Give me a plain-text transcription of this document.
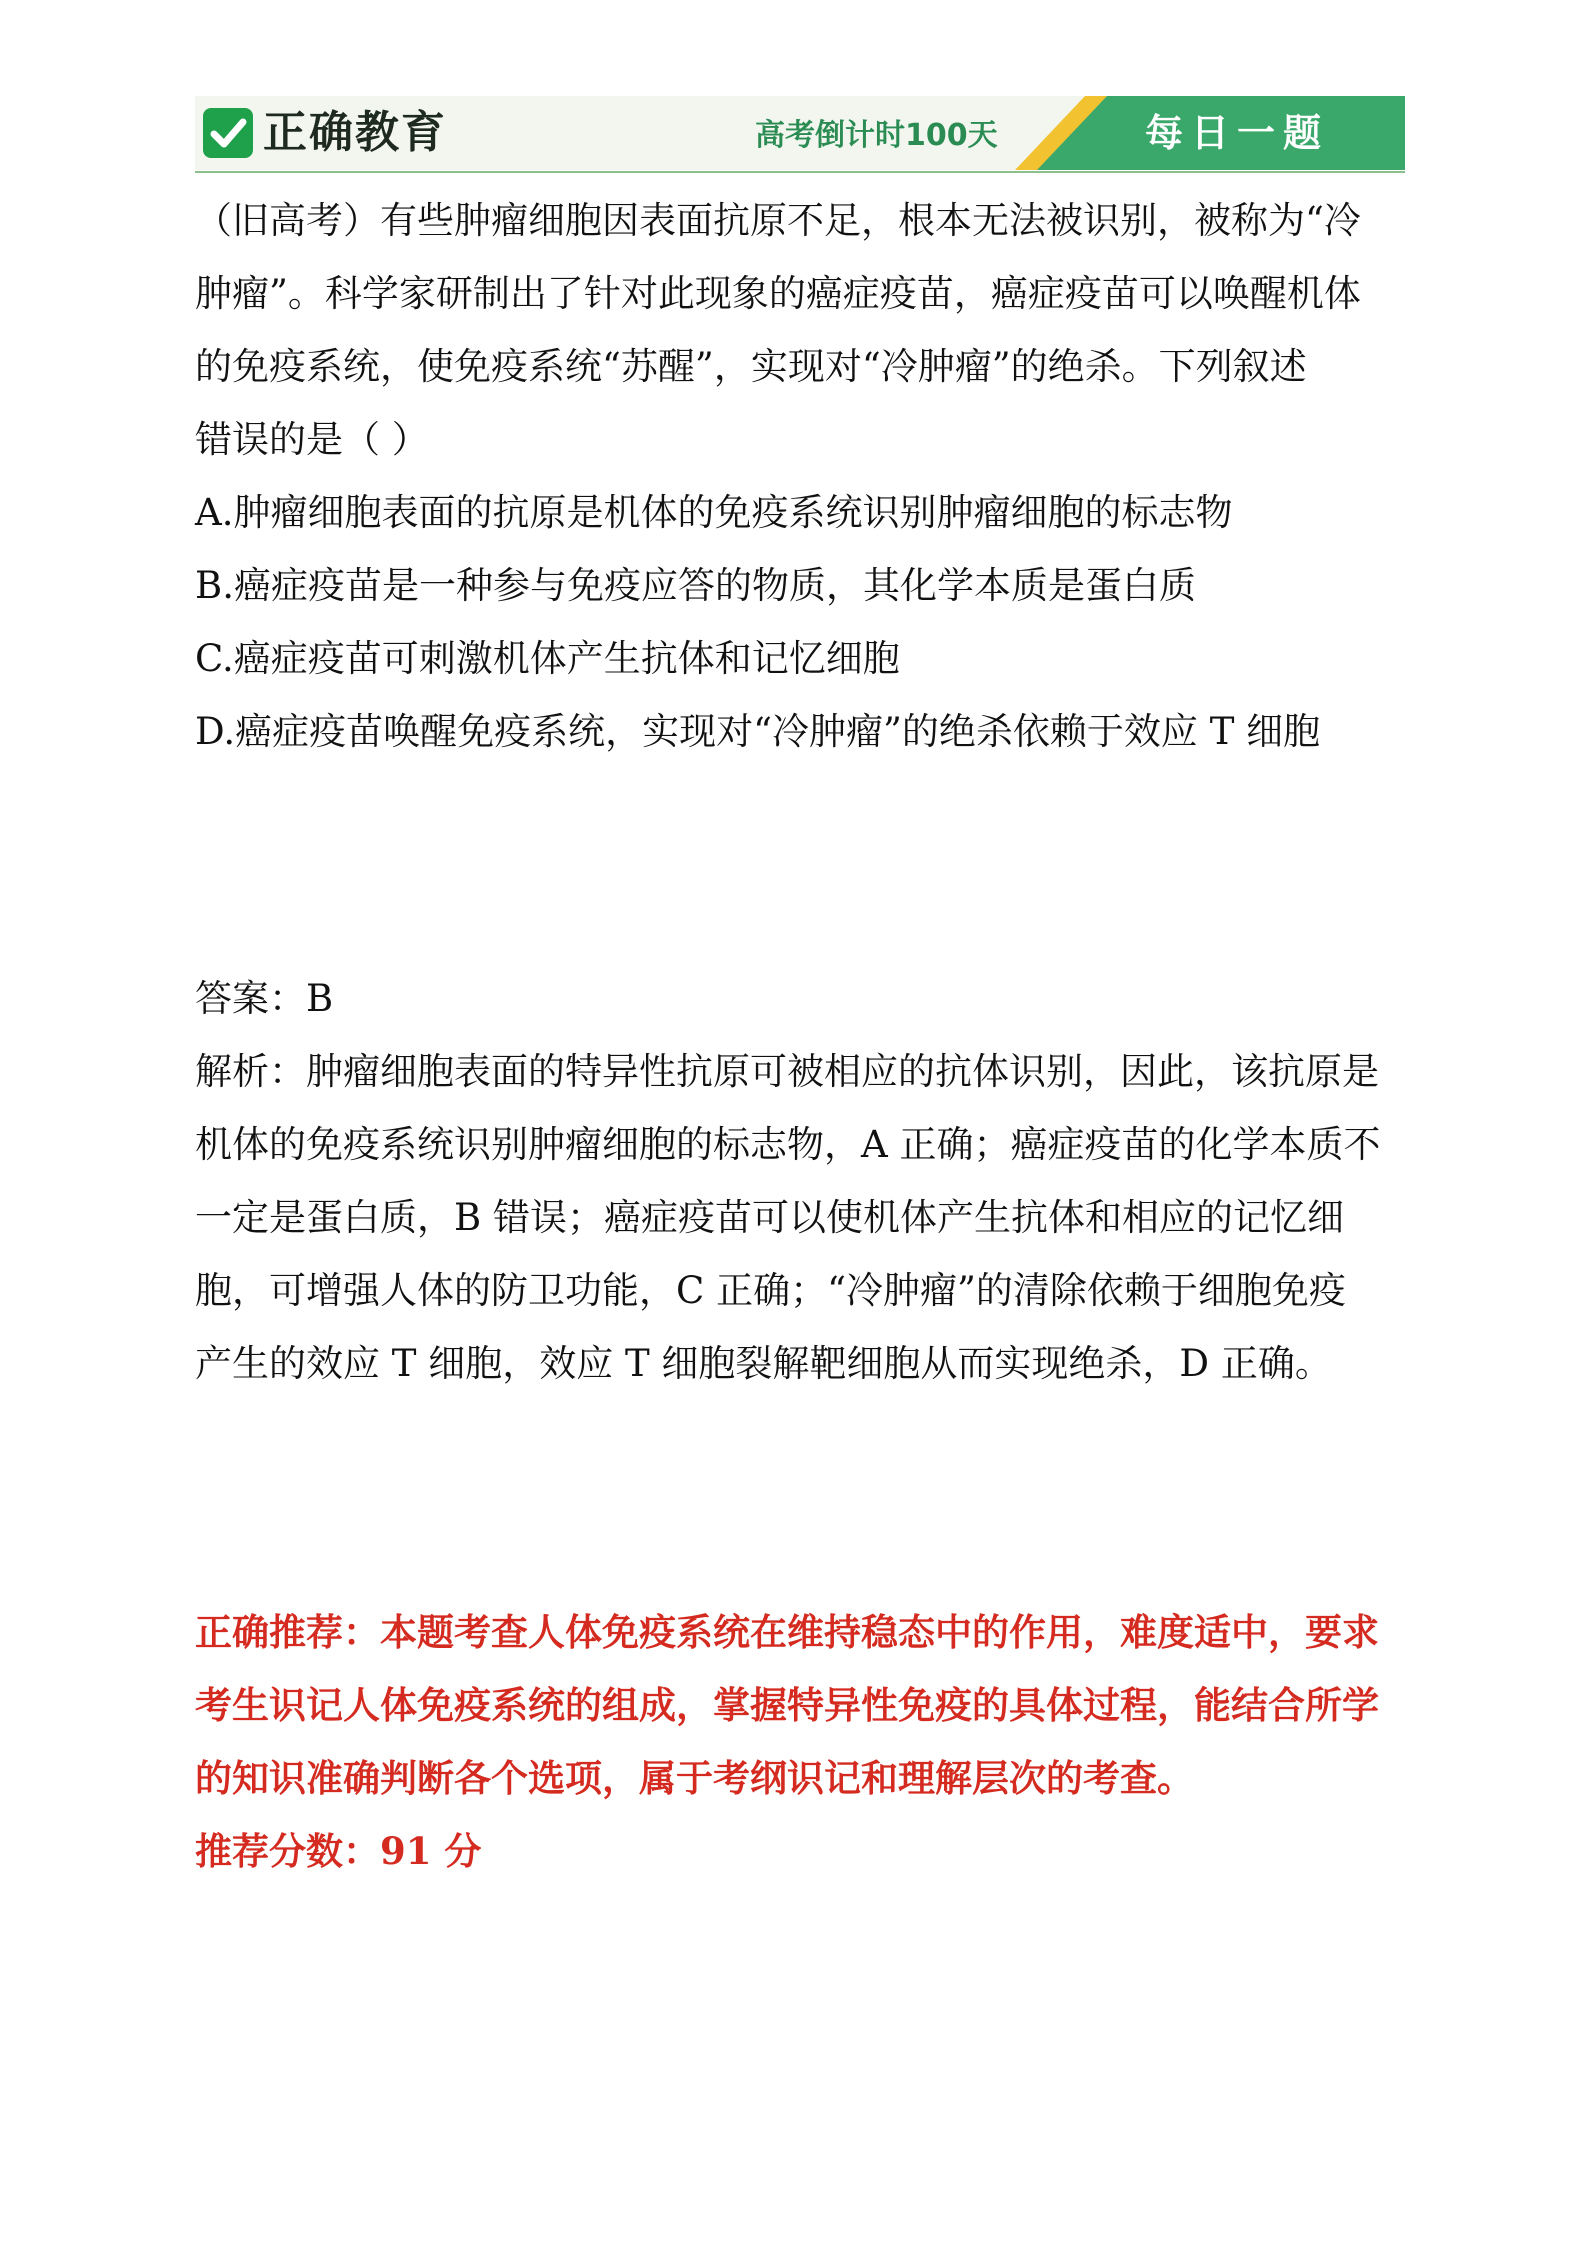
正确教育	高考倒计时100天	每日一题

（旧高考）有些肿瘤细胞因表面抗原不足，根本无法被识别，被称为“冷

肿瘤”。科学家研制出了针对此现象的癌症疫苗，癌症疫苗可以唤醒机体

的免疫系统，使免疫系统“苏醒”，实现对“冷肿瘤”的绝杀。下列叙述

错误的是（ ）

A.肿瘤细胞表面的抗原是机体的免疫系统识别肿瘤细胞的标志物

B.癌症疫苗是一种参与免疫应答的物质，其化学本质是蛋白质

C.癌症疫苗可刺激机体产生抗体和记忆细胞

D.癌症疫苗唤醒免疫系统，实现对“冷肿瘤”的绝杀依赖于效应 T 细胞

答案：B

解析：肿瘤细胞表面的特异性抗原可被相应的抗体识别，因此，该抗原是

机体的免疫系统识别肿瘤细胞的标志物，A 正确；癌症疫苗的化学本质不

一定是蛋白质，B 错误；癌症疫苗可以使机体产生抗体和相应的记忆细

胞，可增强人体的防卫功能，C 正确；“冷肿瘤”的清除依赖于细胞免疫

产生的效应 T 细胞，效应 T 细胞裂解靶细胞从而实现绝杀，D 正确。

正确推荐：本题考查人体免疫系统在维持稳态中的作用，难度适中，要求

考生识记人体免疫系统的组成，掌握特异性免疫的具体过程，能结合所学

的知识准确判断各个选项，属于考纲识记和理解层次的考查。

推荐分数：91 分
